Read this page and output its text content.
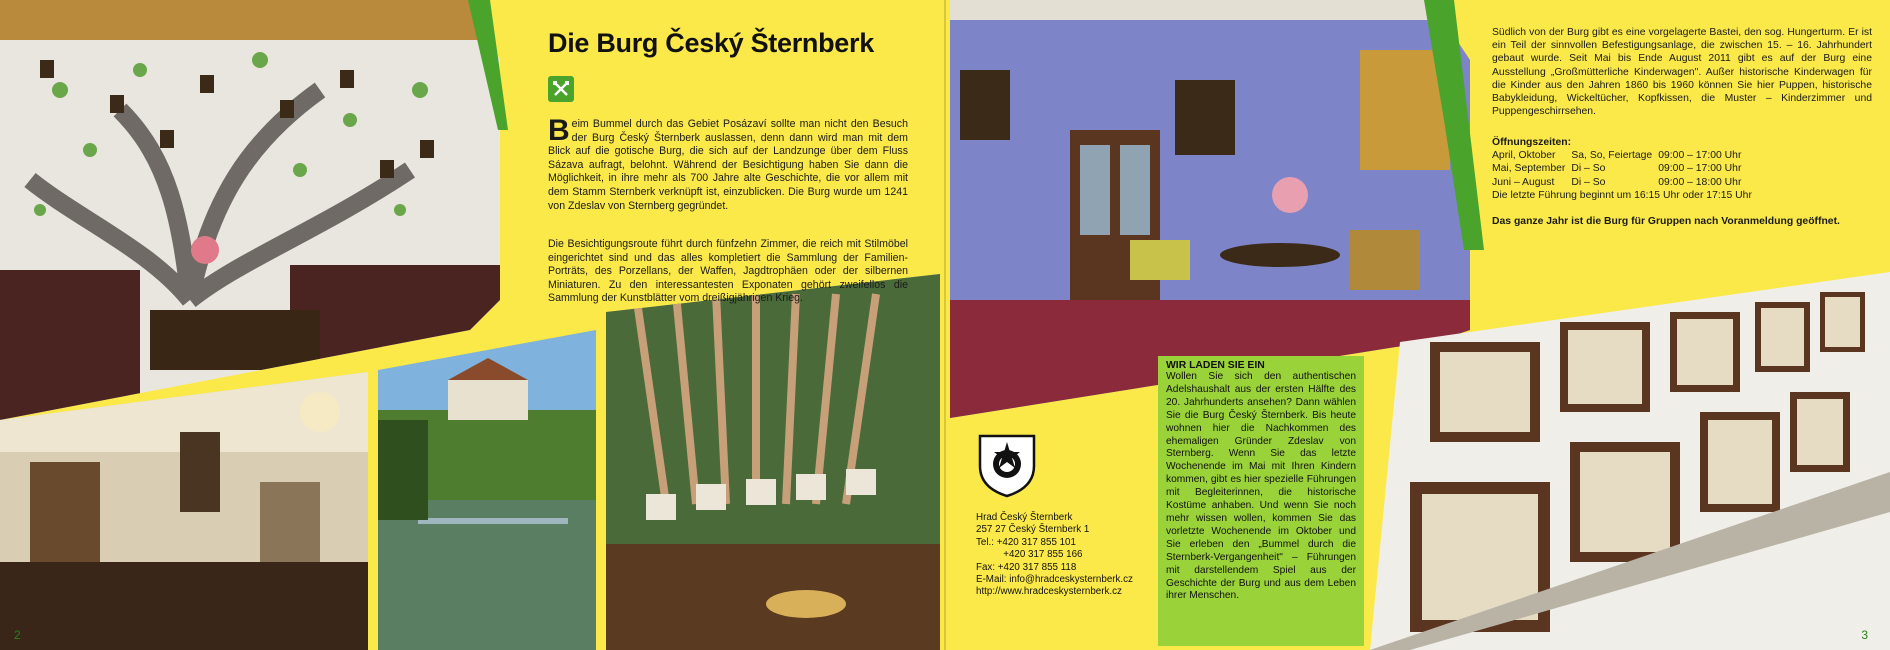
Die Burg Český Šternberk
Beim Bummel durch das Gebiet Posázaví sollte man nicht den Besuch der Burg Český Šternberk auslassen, denn dann wird man mit dem Blick auf die gotische Burg, die sich auf der Landzunge über dem Fluss Sázava aufragt, belohnt. Während der Besichtigung haben Sie dann die Möglichkeit, in ihre mehr als 700 Jahre alte Geschichte, die vor allem mit dem Stamm Sternberk verknüpft ist, einzublicken. Die Burg wurde um 1241 von Zdeslav von Sternberg gegründet.
Die Besichtigungsroute führt durch fünfzehn Zimmer, die reich mit Stilmöbel eingerichtet sind und das alles kompletiert die Sammlung der Familien-Porträts, des Porzellans, der Waffen, Jagdtrophäen oder der silbernen Miniaturen. Zu den interessantesten Exponaten gehört zweifellos die Sammlung der Kunstblätter vom dreißigjährigen Krieg.
2
Südlich von der Burg gibt es eine vorgelagerte Bastei, den sog. Hungerturm. Er ist ein Teil der sinnvollen Befestigungsanlage, die zwischen 15. – 16. Jahrhundert gebaut wurde. Seit Mai bis Ende August 2011 gibt es auf der Burg eine Ausstellung „Großmütterliche Kinderwagen". Außer historische Kinderwagen für die Kinder aus den Jahren 1860 bis 1960 können Sie hier Puppen, historische Babykleidung, Wickeltücher, Kopfkissen, die Muster – Kinderzimmer und Puppengeschirrsehen.
Öffnungszeiten:
April, Oktober	Sa, So, Feiertage	09:00 – 17:00 Uhr
Mai, September	Di – So	09:00 – 17:00 Uhr
Juni – August	Di – So	09:00 – 18:00 Uhr
Die letzte Führung beginnt um 16:15 Uhr oder 17:15 Uhr
Das ganze Jahr ist die Burg für Gruppen nach Voranmeldung geöffnet.
Hrad Český Šternberk
257 27 Český Šternberk 1
Tel.: +420 317 855 101
+420 317 855 166
Fax: +420 317 855 118
E-Mail: info@hradceskysternberk.cz
http://www.hradceskysternberk.cz
WIR LADEN SIE EIN
Wollen Sie sich den authentischen Adelshaushalt aus der ersten Hälfte des 20. Jahrhunderts ansehen? Dann wählen Sie die Burg Český Šternberk. Bis heute wohnen hier die Nachkommen des ehemaligen Gründer Zdeslav von Sternberg. Wenn Sie das letzte Wochenende im Mai mit Ihren Kindern kommen, gibt es hier spezielle Führungen mit Begleiterinnen, die historische Kostüme anhaben. Und wenn Sie noch mehr wissen wollen, kommen Sie das vorletzte Wochenende im Oktober und Sie erleben den „Bummel durch die Sternberk-Vergangenheit" – Führungen mit darstellendem Spiel aus der Geschichte der Burg und aus dem Leben ihrer Menschen.
3
